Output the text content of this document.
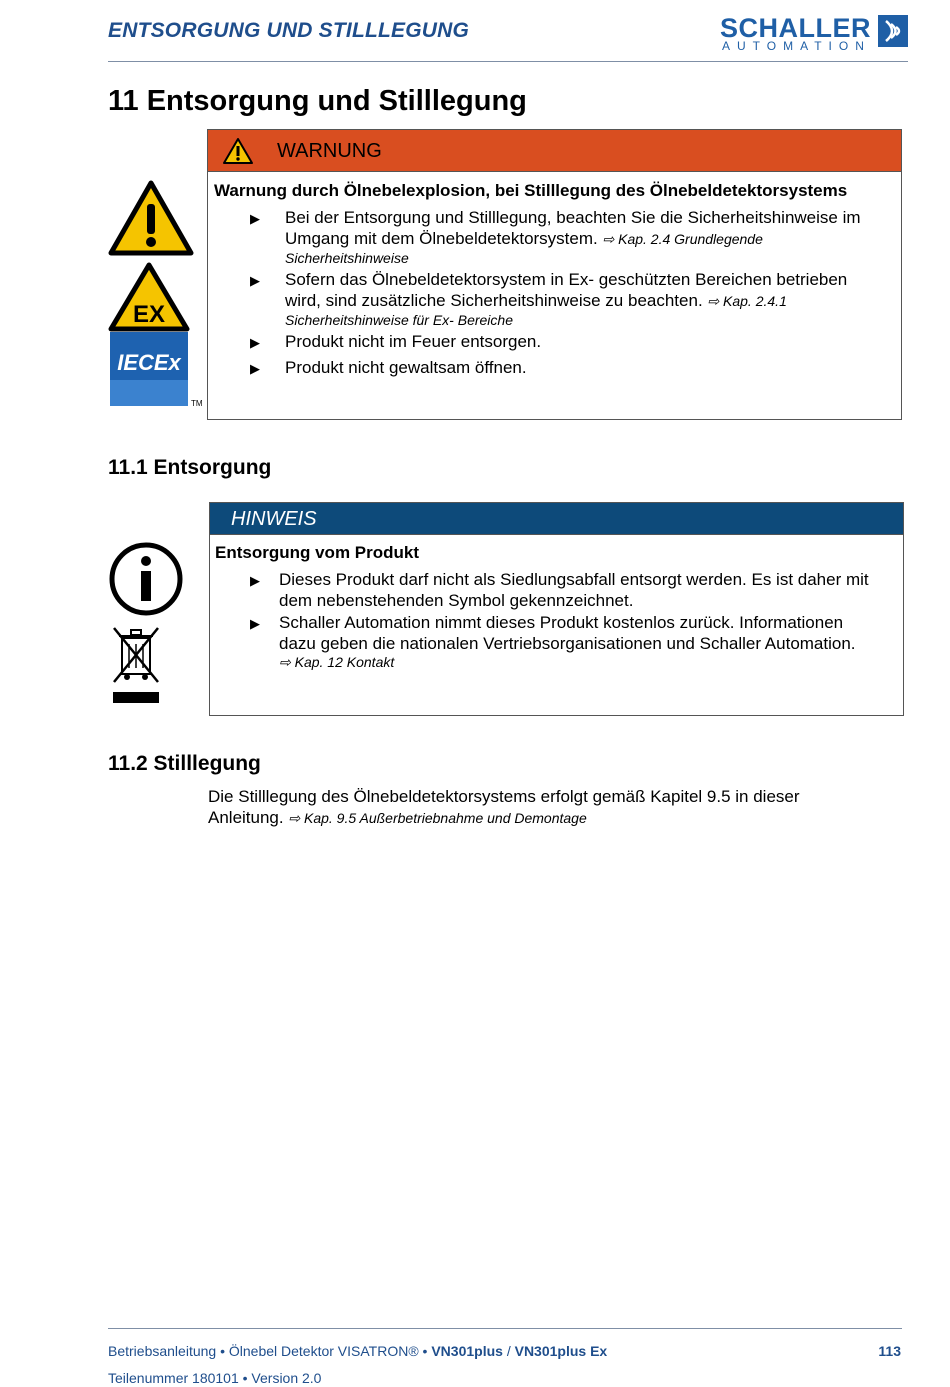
ENTSORGUNG UND STILLLEGUNG	SCHALLER
AUTOMATION
11 Entsorgung und Stilllegung
EX
IECEx
TM
WARNUNG
Warnung durch Ölnebelexplosion, bei Stilllegung des Ölnebeldetektorsystems
▶ Bei der Entsorgung und Stilllegung, beachten Sie die Sicherheitshinweise im
Umgang mit dem Ölnebeldetektorsystem. ⇨ Kap. 2.4 Grundlegende
Sicherheitshinweise
▶ Sofern das Ölnebeldetektorsystem in Ex- geschützten Bereichen betrieben
wird, sind zusätzliche Sicherheitshinweise zu beachten. ⇨ Kap. 2.4.1
Sicherheitshinweise für Ex- Bereiche
▶ Produkt nicht im Feuer entsorgen.
▶ Produkt nicht gewaltsam öffnen.
11.1 Entsorgung
HINWEIS
Entsorgung vom Produkt
▶ Dieses Produkt darf nicht als Siedlungsabfall entsorgt werden. Es ist daher mit
dem nebenstehenden Symbol gekennzeichnet.
▶ Schaller Automation nimmt dieses Produkt kostenlos zurück. Informationen
dazu geben die nationalen Vertriebsorganisationen und Schaller Automation.
⇨ Kap. 12 Kontakt
11.2 Stilllegung
Die Stilllegung des Ölnebeldetektorsystems erfolgt gemäß Kapitel 9.5 in dieser
Anleitung. ⇨ Kap. 9.5 Außerbetriebnahme und Demontage
Betriebsanleitung • Ölnebel Detektor VISATRON® • VN301plus / VN301plus Ex	113
Teilenummer 180101 • Version 2.0
